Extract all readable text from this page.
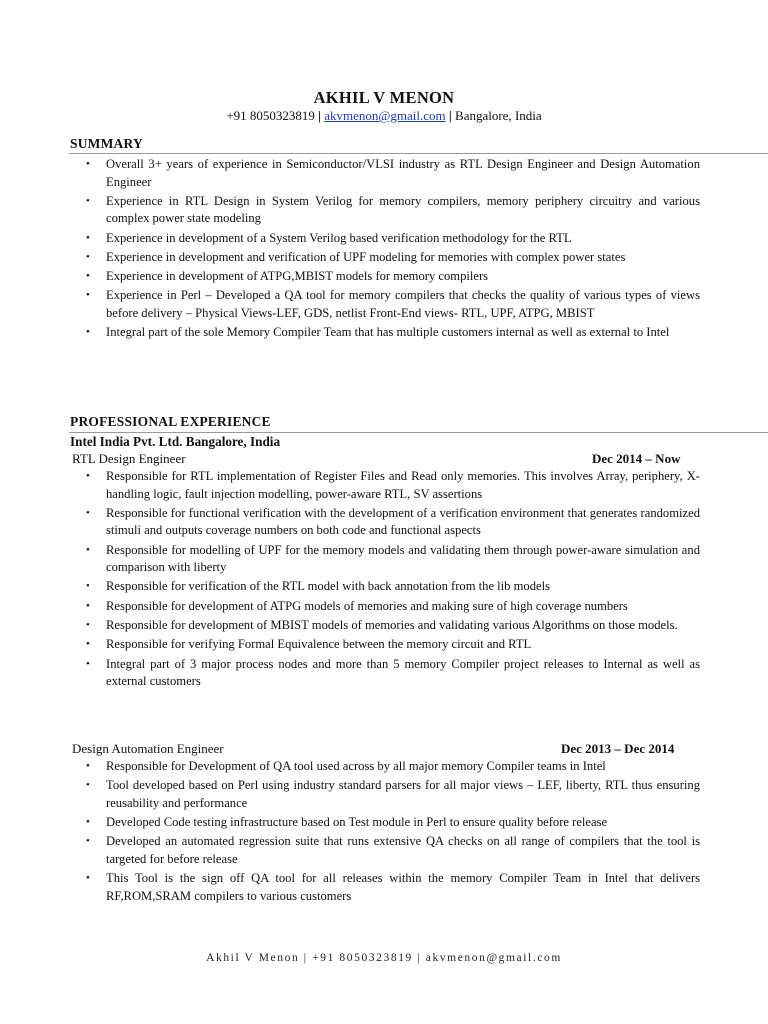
AKHIL V MENON
+91 8050323819 | akvmenon@gmail.com | Bangalore, India
SUMMARY
• Overall 3+ years of experience in Semiconductor/VLSI industry as RTL Design Engineer and Design Automation Engineer
• Experience in RTL Design in System Verilog for memory compilers, memory periphery circuitry and various complex power state modeling
• Experience in development of a System Verilog based verification methodology for the RTL
• Experience in development and verification of UPF modeling for memories with complex power states
• Experience in development of ATPG,MBIST models for memory compilers
• Experience in Perl – Developed a QA tool for memory compilers that checks the quality of various types of views before delivery – Physical Views-LEF, GDS, netlist Front-End views- RTL, UPF, ATPG, MBIST
• Integral part of the sole Memory Compiler Team that has multiple customers internal as well as external to Intel
PROFESSIONAL EXPERIENCE
Intel India Pvt. Ltd. Bangalore, India
RTL Design Engineer	Dec 2014 – Now
• Responsible for RTL implementation of Register Files and Read only memories. This involves Array, periphery, X-handling logic, fault injection modelling, power-aware RTL, SV assertions
• Responsible for functional verification with the development of a verification environment that generates randomized stimuli and outputs coverage numbers on both code and functional aspects
• Responsible for modelling of UPF for the memory models and validating them through power-aware simulation and comparison with liberty
• Responsible for verification of the RTL model with back annotation from the lib models
• Responsible for development of ATPG models of memories and making sure of high coverage numbers
• Responsible for development of MBIST models of memories and validating various Algorithms on those models.
• Responsible for verifying Formal Equivalence between the memory circuit and RTL
• Integral part of 3 major process nodes and more than 5 memory Compiler project releases to Internal as well as external customers
Design Automation Engineer	Dec 2013 – Dec 2014
• Responsible for Development of QA tool used across by all major memory Compiler teams in Intel
• Tool developed based on Perl using industry standard parsers for all major views – LEF, liberty, RTL thus ensuring reusability and performance
• Developed Code testing infrastructure based on Test module in Perl to ensure quality before release
• Developed an automated regression suite that runs extensive QA checks on all range of compilers that the tool is targeted for before release
• This Tool is the sign off QA tool for all releases within the memory Compiler Team in Intel that delivers RF,ROM,SRAM compilers to various customers
Akhil V Menon | +91 8050323819 | akvmenon@gmail.com
